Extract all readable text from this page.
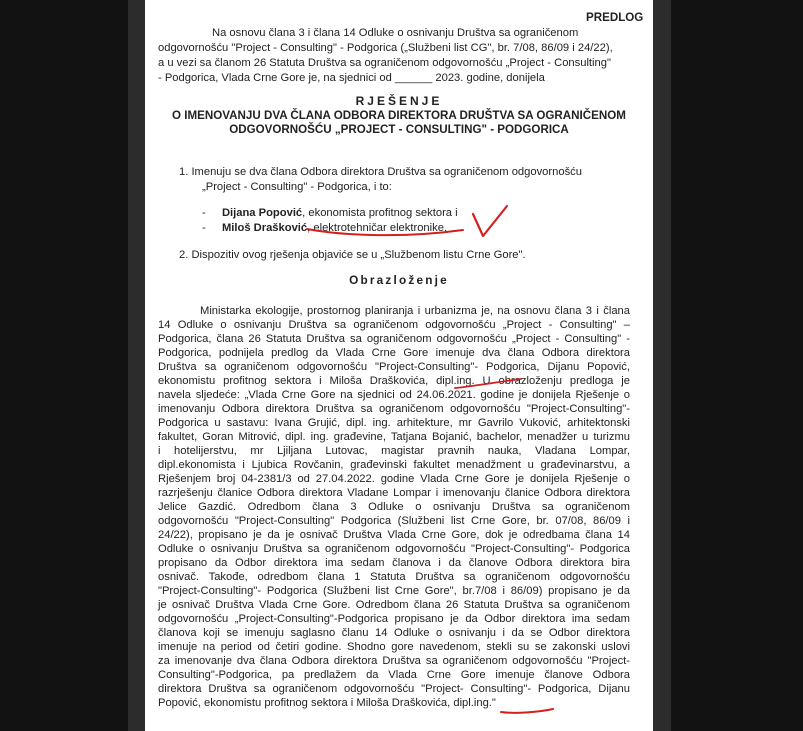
PREDLOG
Na osnovu člana 3 i člana 14 Odluke o osnivanju Društva sa ograničenom
odgovornošću "Project - Consulting" - Podgorica („Službeni list CG", br. 7/08, 86/09 i 24/22),
a u vezi sa članom 26 Statuta Društva sa ograničenom odgovornošću „Project - Consulting"
- Podgorica, Vlada Crne Gore je, na sjednici od ______ 2023. godine, donijela
RJEŠENJE
O IMENOVANJU DVA ČLANA ODBORA DIREKTORA DRUŠTVA SA OGRANIČENOM
ODGOVORNOŠĆU „PROJECT - CONSULTING" - PODGORICA
1. Imenuju se dva člana Odbora direktora Društva sa ograničenom odgovornošću
„Project - Consulting" - Podgorica, i to:
- Dijana Popović, ekonomista profitnog sektora i
- Miloš Drašković, elektrotehničar elektronike.
2. Dispozitiv ovog rješenja objaviće se u „Službenom listu Crne Gore".
Obrazloženje
Ministarka ekologije, prostornog planiranja i urbanizma je, na osnovu člana 3 i člana
14 Odluke o osnivanju Društva sa ograničenom odgovornošću „Project - Consulting" –
Podgorica, člana 26 Statuta Društva sa ograničenom odgovornošću „Project - Consulting" -
Podgorica, podnijela predlog da Vlada Crne Gore imenuje dva člana Odbora direktora
Društva sa ograničenom odgovornošću "Project-Consulting"- Podgorica, Dijanu Popović,
ekonomistu profitnog sektora i Miloša Draškovića, dipl.ing. U obrazloženju predloga je
navela sljedeće: „Vlada Crne Gore na sjednici od 24.06.2021. godine je donijela Rješenje o
imenovanju Odbora direktora Društva sa ograničenom odgovornošću "Project-Consulting"-
Podgorica u sastavu: Ivana Grujić, dipl. ing. arhitekture, mr Gavrilo Vuković, arhitektonski
fakultet, Goran Mitrović, dipl. ing. građevine, Tatjana Bojanić, bachelor, menadžer u turizmu
i hotelijerstvu, mr Ljiljana Lutovac, magistar pravnih nauka, Vladana Lompar,
dipl.ekonomista i Ljubica Rovčanin, građevinski fakultet menadžment u građevinarstvu, a
Rješenjem broj 04-2381/3 od 27.04.2022. godine Vlada Crne Gore je donijela Rješenje o
razrješenju članice Odbora direktora Vladane Lompar i imenovanju članice Odbora direktora
Jelice Gazdić. Odredbom člana 3 Odluke o osnivanju Društva sa ograničenom
odgovornošću "Project-Consulting" Podgorica (Službeni list Crne Gore, br. 07/08, 86/09 i
24/22), propisano je da je osnivač Društva Vlada Crne Gore, dok je odredbama člana 14
Odluke o osnivanju Društva sa ograničenom odgovornošću "Project-Consulting"- Podgorica
propisano da Odbor direktora ima sedam članova i da članove Odbora direktora bira
osnivač. Takođe, odredbom člana 1 Statuta Društva sa ograničenom odgovornošću
"Project-Consulting"- Podgorica (Službeni list Crne Gore", br.7/08 i 86/09) propisano je da
je osnivač Društva Vlada Crne Gore. Odredbom člana 26 Statuta Društva sa ograničenom
odgovornošću „Project-Consulting"-Podgorica propisano je da Odbor direktora ima sedam
članova koji se imenuju saglasno članu 14 Odluke o osnivanju i da se Odbor direktora
imenuje na period od četiri godine. Shodno gore navedenom, stekli su se zakonski uslovi
za imenovanje dva člana Odbora direktora Društva sa ograničenom odgovornošću "Project-
Consulting"-Podgorica, pa predlažem da Vlada Crne Gore imenuje članove Odbora
direktora Društva sa ograničenom odgovornošću "Project- Consulting"- Podgorica, Dijanu
Popović, ekonomistu profitnog sektora i Miloša Draškovića, dipl.ing."
